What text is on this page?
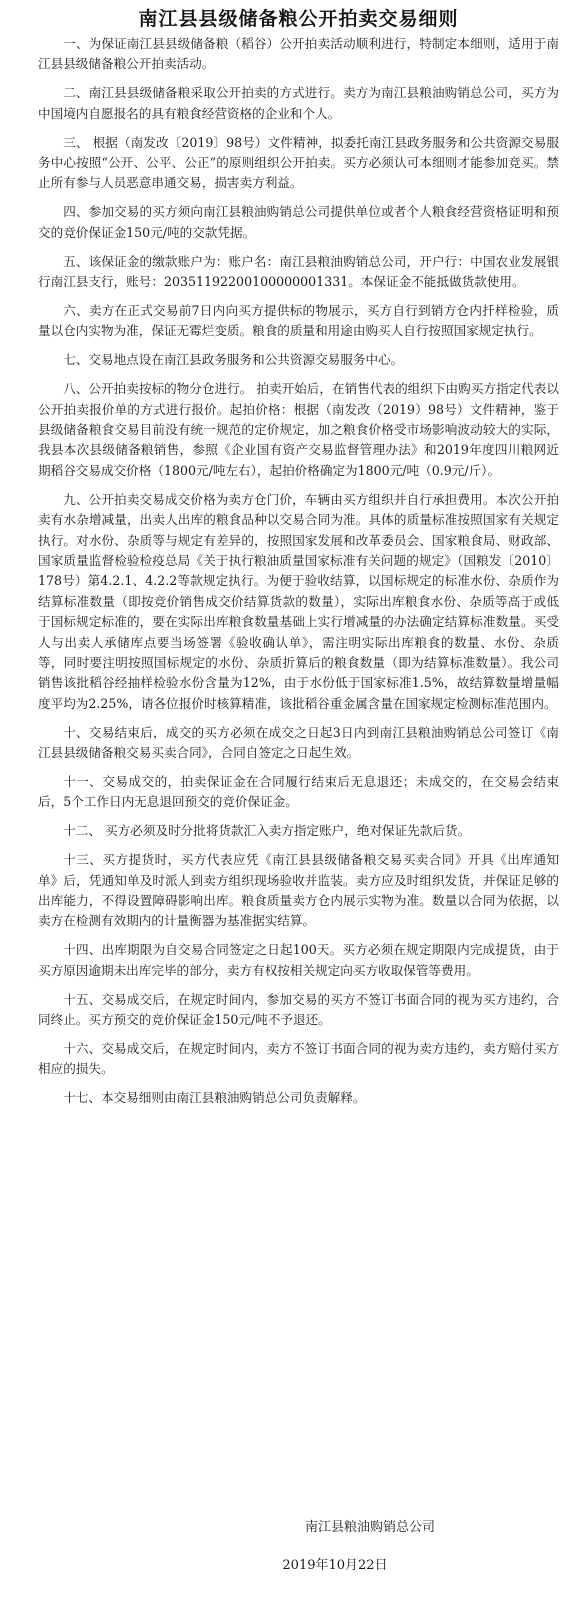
南江县县级储备粮公开拍卖交易细则

一、为保证南江县县级储备粮（稻谷）公开拍卖活动顺利进行，特制定本细则，适用于南江县县级储备粮公开拍卖活动。

二、南江县县级储备粮采取公开拍卖的方式进行。卖方为南江县粮油购销总公司，买方为中国境内自愿报名的具有粮食经营资格的企业和个人。

三、 根据（南发改〔2019〕98号）文件精神，拟委托南江县政务服务和公共资源交易服务中心按照“公开、公平、公正”的原则组织公开拍卖。买方必须认可本细则才能参加竞买。禁止所有参与人员恶意串通交易，损害卖方利益。

四、参加交易的买方须向南江县粮油购销总公司提供单位或者个人粮食经营资格证明和预交的竞价保证金150元/吨的交款凭据。

五、该保证金的缴款账户为：账户名：南江县粮油购销总公司，开户行：中国农业发展银行南江县支行，账号：20351192200100000001331。本保证金不能抵做货款使用。

六、卖方在正式交易前7日内向买方提供标的物展示，买方自行到销方仓内扦样检验，质量以仓内实物为准，保证无霉烂变质。粮食的质量和用途由购买人自行按照国家规定执行。

七、交易地点设在南江县政务服务和公共资源交易服务中心。

八、公开拍卖按标的物分仓进行。 拍卖开始后，在销售代表的组织下由购买方指定代表以公开拍卖报价单的方式进行报价。起拍价格：根据（南发改（2019）98号）文件精神，鉴于县级储备粮食交易目前没有统一规范的定价规定，加之粮食价格受市场影响波动较大的实际，我县本次县级储备粮销售，参照《企业国有资产交易监督管理办法》和2019年度四川粮网近期稻谷交易成交价格（1800元/吨左右），起拍价格确定为1800元/吨（0.9元/斤）。

九、公开拍卖交易成交价格为卖方仓门价，车辆由买方组织并自行承担费用。本次公开拍卖有水杂增减量，出卖人出库的粮食品种以交易合同为准。具体的质量标准按照国家有关规定执行。对水份、杂质等与规定有差异的，按照国家发展和改革委员会、国家粮食局、财政部、国家质量监督检验检疫总局《关于执行粮油质量国家标准有关问题的规定》（国粮发〔2010〕178号）第4.2.1、4.2.2等款规定执行。为便于验收结算，以国标规定的标准水份、杂质作为结算标准数量（即按竞价销售成交价结算货款的数量），实际出库粮食水份、杂质等高于或低于国标规定标准的，要在实际出库粮食数量基础上实行增减量的办法确定结算标准数量。买受人与出卖人承储库点要当场签署《验收确认单》，需注明实际出库粮食的数量、水份、杂质等，同时要注明按照国标规定的水份、杂质折算后的粮食数量（即为结算标准数量）。我公司销售该批稻谷经抽样检验水份含量为12%，由于水份低于国家标准1.5%，故结算数量增量幅度平均为2.25%，请各位报价时核算精准，该批稻谷重金属含量在国家规定检测标准范围内。

十、交易结束后，成交的买方必须在成交之日起3日内到南江县粮油购销总公司签订《南江县县级储备粮交易买卖合同》，合同自签定之日起生效。

十一、交易成交的，拍卖保证金在合同履行结束后无息退还；未成交的，在交易会结束后，5个工作日内无息退回预交的竞价保证金。

十二、 买方必须及时分批将货款汇入卖方指定账户，绝对保证先款后货。

十三、买方提货时，买方代表应凭《南江县县级储备粮交易买卖合同》开具《出库通知单》后，凭通知单及时派人到卖方组织现场验收并监装。卖方应及时组织发货，并保证足够的出库能力，不得设置障碍影响出库。粮食质量卖方仓内展示实物为准。数量以合同为依据，以卖方在检测有效期内的计量衡器为基准据实结算。

十四、出库期限为自交易合同签定之日起100天。买方必须在规定期限内完成提货，由于买方原因逾期未出库完毕的部分，卖方有权按相关规定向买方收取保管等费用。

十五、交易成交后，在规定时间内，参加交易的买方不签订书面合同的视为买方违约，合同终止。买方预交的竞价保证金150元/吨不予退还。

十六、交易成交后，在规定时间内，卖方不签订书面合同的视为卖方违约，卖方赔付买方相应的损失。

十七、本交易细则由南江县粮油购销总公司负责解释。

南江县粮油购销总公司
2019年10月22日
